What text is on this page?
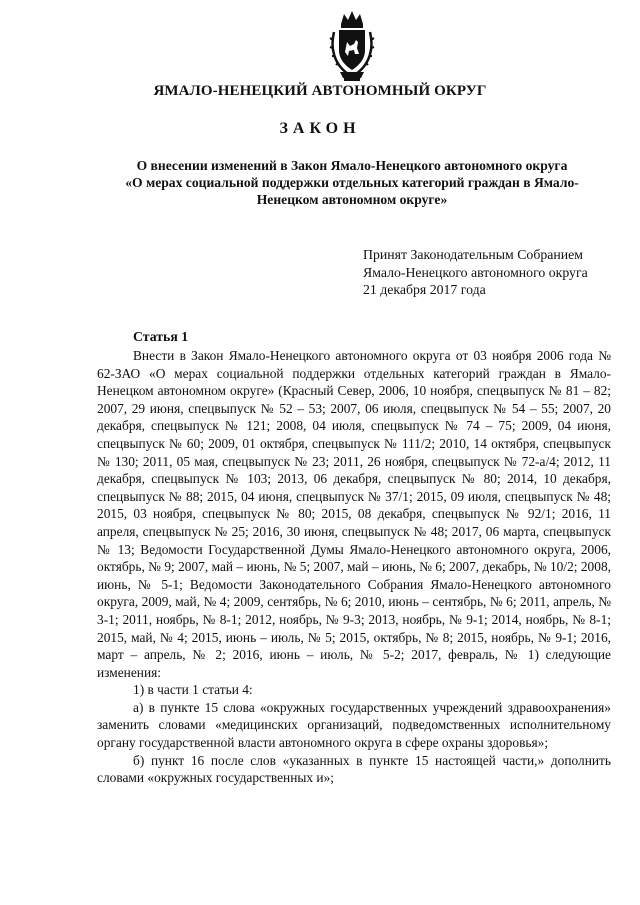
ЯМАЛО-НЕНЕЦКИЙ АВТОНОМНЫЙ ОКРУГ
ЗАКОН
О внесении изменений в Закон Ямало-Ненецкого автономного округа
«О мерах социальной поддержки отдельных категорий граждан в Ямало-
Ненецком автономном округе»
Принят Законодательным Собранием
Ямало-Ненецкого автономного округа
21 декабря 2017 года
Статья 1

Внести в Закон Ямало-Ненецкого автономного округа от 03 ноября 2006 года № 62-ЗАО «О мерах социальной поддержки отдельных категорий граждан в Ямало-Ненецком автономном округе» (Красный Север, 2006, 10 ноября, спецвыпуск № 81 – 82; 2007, 29 июня, спецвыпуск № 52 – 53; 2007, 06 июля, спецвыпуск № 54 – 55; 2007, 20 декабря, спецвыпуск № 121; 2008, 04 июля, спецвыпуск № 74 – 75; 2009, 04 июня, спецвыпуск № 60; 2009, 01 октября, спецвыпуск № 111/2; 2010, 14 октября, спецвыпуск № 130; 2011, 05 мая, спецвыпуск № 23; 2011, 26 ноября, спецвыпуск № 72-а/4; 2012, 11 декабря, спецвыпуск № 103; 2013, 06 декабря, спецвыпуск № 80; 2014, 10 декабря, спецвыпуск № 88; 2015, 04 июня, спецвыпуск № 37/1; 2015, 09 июля, спецвыпуск № 48; 2015, 03 ноября, спецвыпуск № 80; 2015, 08 декабря, спецвыпуск № 92/1; 2016, 11 апреля, спецвыпуск № 25; 2016, 30 июня, спецвыпуск № 48; 2017, 06 марта, спецвыпуск № 13; Ведомости Государственной Думы Ямало-Ненецкого автономного округа, 2006, октябрь, № 9; 2007, май – июнь, № 5; 2007, май – июнь, № 6; 2007, декабрь, № 10/2; 2008, июнь, № 5-1; Ведомости Законодательного Собрания Ямало-Ненецкого автономного округа, 2009, май, № 4; 2009, сентябрь, № 6; 2010, июнь – сентябрь, № 6; 2011, апрель, № 3-1; 2011, ноябрь, № 8-1; 2012, ноябрь, № 9-3; 2013, ноябрь, № 9-1; 2014, ноябрь, № 8-1; 2015, май, № 4; 2015, июнь – июль, № 5; 2015, октябрь, № 8; 2015, ноябрь, № 9-1; 2016, март – апрель, № 2; 2016, июнь – июль, № 5-2; 2017, февраль, № 1) следующие изменения:

1) в части 1 статьи 4:

а) в пункте 15 слова «окружных государственных учреждений здравоохранения» заменить словами «медицинских организаций, подведомственных исполнительному органу государственной власти автономного округа в сфере охраны здоровья»;

б) пункт 16 после слов «указанных в пункте 15 настоящей части,» дополнить словами «окружных государственных и»;
